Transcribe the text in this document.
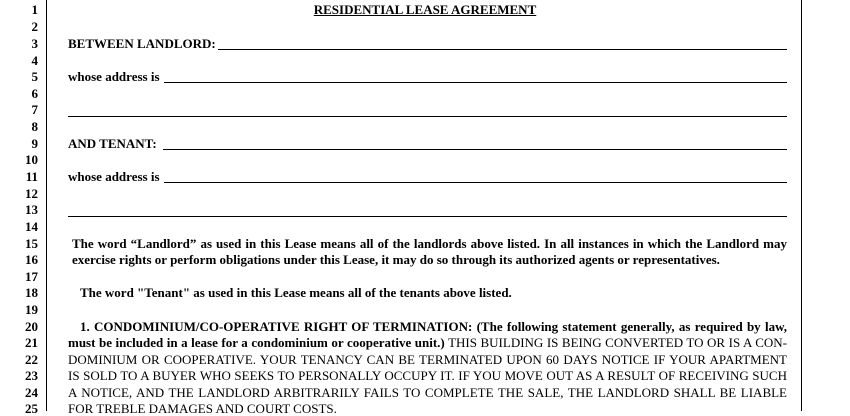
1
2
3
4
5
6
7
8
9
10
11
12
13
14
15
16
17
18
19
20
21
22
23
24
25
RESIDENTIAL LEASE AGREEMENT
BETWEEN LANDLORD:
whose address is
AND TENANT:
whose address is
The word “Landlord” as used in this Lease means all of the landlords above listed. In all instances in which the Landlord may
exercise rights or perform obligations under this Lease, it may do so through its authorized agents or representatives.
The word "Tenant" as used in this Lease means all of the tenants above listed.
1. CONDOMINIUM/CO-OPERATIVE RIGHT OF TERMINATION: (The following statement generally, as required by law,
must be included in a lease for a condominium or cooperative unit.) THIS BUILDING IS BEING CONVERTED TO OR IS A CON-
DOMINIUM OR COOPERATIVE. YOUR TENANCY CAN BE TERMINATED UPON 60 DAYS NOTICE IF YOUR APARTMENT
IS SOLD TO A BUYER WHO SEEKS TO PERSONALLY OCCUPY IT. IF YOU MOVE OUT AS A RESULT OF RECEIVING SUCH
A NOTICE, AND THE LANDLORD ARBITRARILY FAILS TO COMPLETE THE SALE, THE LANDLORD SHALL BE LIABLE
FOR TREBLE DAMAGES AND COURT COSTS.
